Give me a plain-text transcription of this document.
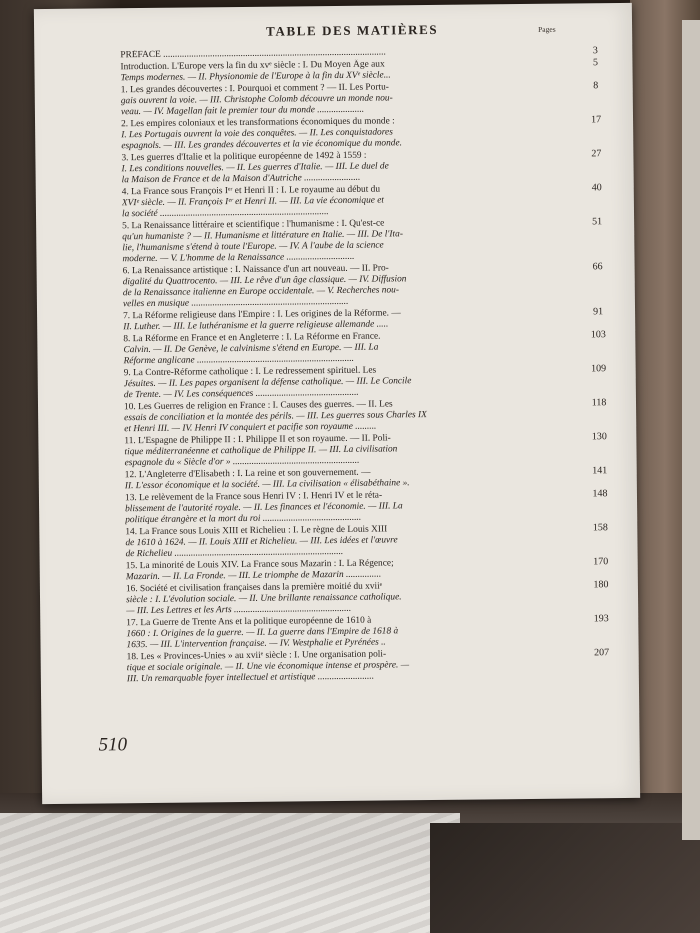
TABLE DES MATIÈRES	Pages
PRÉFACE ...............................................................................................	3
Introduction. L'Europe vers la fin du xvᵉ siècle : I. Du Moyen Âge aux
Temps modernes. — II. Physionomie de l'Europe à la fin du XVᵉ siècle...
5
1. Les grandes découvertes : I. Pourquoi et comment ? — II. Les Portu-
gais ouvrent la voie. — III. Christophe Colomb découvre un monde nou-
veau. — IV. Magellan fait le premier tour du monde ....................
8
2. Les empires coloniaux et les transformations économiques du monde :
I. Les Portugais ouvrent la voie des conquêtes. — II. Les conquistadores
espagnols. — III. Les grandes découvertes et la vie économique du monde.
17
3. Les guerres d'Italie et la politique européenne de 1492 à 1559 :
I. Les conditions nouvelles. — II. Les guerres d'Italie. — III. Le duel de
la Maison de France et de la Maison d'Autriche ........................
27
4. La France sous François Iᵉʳ et Henri II : I. Le royaume au début du
XVIᵉ siècle. — II. François Iᵉʳ et Henri II. — III. La vie économique et
la société ........................................................................
40
5. La Renaissance littéraire et scientifique : l'humanisme : I. Qu'est-ce
qu'un humaniste ? — II. Humanisme et littérature en Italie. — III. De l'Ita-
lie, l'humanisme s'étend à toute l'Europe. — IV. À l'aube de la science
moderne. — V. L'homme de la Renaissance .............................
51
6. La Renaissance artistique : I. Naissance d'un art nouveau. — II. Pro-
digalité du Quattrocento. — III. Le rêve d'un âge classique. — IV. Diffusion
de la Renaissance italienne en Europe occidentale. — V. Recherches nou-
velles en musique ...................................................................
66
7. La Réforme religieuse dans l'Empire : I. Les origines de la Réforme. —
II. Luther. — III. Le luthéranisme et la guerre religieuse allemande .....
91
8. La Réforme en France et en Angleterre : I. La Réforme en France.
Calvin. — II. De Genève, le calvinisme s'étend en Europe. — III. La
Réforme anglicane ...................................................................
103
9. La Contre-Réforme catholique : I. Le redressement spirituel. Les
Jésuites. — II. Les papes organisent la défense catholique. — III. Le Concile
de Trente. — IV. Les conséquences ............................................
109
10. Les Guerres de religion en France : I. Causes des guerres. — II. Les
essais de conciliation et la montée des périls. — III. Les guerres sous Charles IX
et Henri III. — IV. Henri IV conquiert et pacifie son royaume .........
118
11. L'Espagne de Philippe II : I. Philippe II et son royaume. — II. Poli-
tique méditerranéenne et catholique de Philippe II. — III. La civilisation
espagnole du « Siècle d'or » ......................................................
130
12. L'Angleterre d'Elisabeth : I. La reine et son gouvernement. —
II. L'essor économique et la société. — III. La civilisation « élisabéthaine ».
141
13. Le relèvement de la France sous Henri IV : I. Henri IV et le réta-
blissement de l'autorité royale. — II. Les finances et l'économie. — III. La
politique étrangère et la mort du roi ..........................................
148
14. La France sous Louis XIII et Richelieu : I. Le règne de Louis XIII
de 1610 à 1624. — II. Louis XIII et Richelieu. — III. Les idées et l'œuvre
de Richelieu ........................................................................
158
15. La minorité de Louis XIV. La France sous Mazarin : I. La Régence;
Mazarin. — II. La Fronde. — III. Le triomphe de Mazarin ...............
170
16. Société et civilisation françaises dans la première moitié du xviiᵉ
siècle : I. L'évolution sociale. — II. Une brillante renaissance catholique.
— III. Les Lettres et les Arts ..................................................
180
17. La Guerre de Trente Ans et la politique européenne de 1610 à
1660 : I. Origines de la guerre. — II. La guerre dans l'Empire de 1618 à
1635. — III. L'intervention française. — IV. Westphalie et Pyrénées ..
193
18. Les « Provinces-Unies » au xviiᵉ siècle : I. Une organisation poli-
tique et sociale originale. — II. Une vie économique intense et prospère. —
III. Un remarquable foyer intellectuel et artistique ........................
207
510
